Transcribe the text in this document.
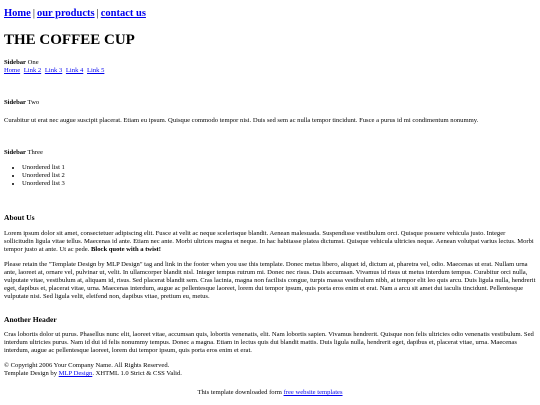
Home | our products | contact us
THE COFFEE CUP
Sidebar One
Home Link 2 Link 3 Link 4 Link 5
Sidebar Two

Curabitur ut erat nec augue suscipit placerat. Etiam eu ipsum. Quisque commodo tempor nisi. Duis sed sem ac nulla tempor tincidunt. Fusce a purus id mi condimentum nonummy.

Sidebar Three
• Unordered list 1
• Unordered list 2
• Unordered list 3
About Us

Lorem ipsum dolor sit amet, consectetuer adipiscing elit. Fusce at velit ac neque scelerisque blandit. Aenean malesuada. Suspendisse vestibulum orci. Quisque posuere vehicula justo. Integer sollicitudin ligula vitae tellus. Maecenas id ante. Etiam nec ante. Morbi ultrices magna et neque. In hac habitasse platea dictumst. Quisque vehicula ultricies neque. Aenean volutpat varius lectus. Morbi tempor justo at ante. Ut ac pede. Block quote with a twist!

Please retain the "Template Design by MLP Design" tag and link in the footer when you use this template. Donec metus libero, aliquet id, dictum at, pharetra vel, odio. Maecenas ut erat. Nullam urna ante, laoreet at, ornare vel, pulvinar ut, velit. In ullamcorper blandit nisl. Integer tempus rutrum mi. Donec nec risus. Duis accumsan. Vivamus id risus ut metus interdum tempus. Curabitur orci nulla, vulputate vitae, vestibulum at, aliquam id, risus. Sed placerat blandit sem. Cras lacinia, magna non facilisis congue, turpis massa vestibulum nibh, at tempor elit leo quis arcu. Duis ligula nulla, hendrerit eget, dapibus et, placerat vitae, urna. Maecenas interdum, augue ac pellentesque laoreet, lorem dui tempor ipsum, quis porta eros enim et erat. Nam a arcu sit amet dui iaculis tincidunt. Pellentesque vulputate nisi. Sed ligula velit, eleifend non, dapibus vitae, pretium eu, metus.

Another Header

Cras lobortis dolor ut purus. Phasellus nunc elit, laoreet vitae, accumsan quis, lobortis venenatis, elit. Nam lobortis sapien. Vivamus hendrerit. Quisque non felis ultricies odio venenatis vestibulum. Sed interdum ultricies purus. Nam id dui id felis nonummy tempus. Donec a magna. Etiam in lectus quis dui blandit mattis. Duis ligula nulla, hendrerit eget, dapibus et, placerat vitae, urna. Maecenas interdum, augue ac pellentesque laoreet, lorem dui tempor ipsum, quis porta eros enim et erat.

© Copyright 2006 Your Company Name. All Rights Reserved.
Template Design by MLP Design. XHTML 1.0 Strict & CSS Valid.
This template downloaded form free website templates
